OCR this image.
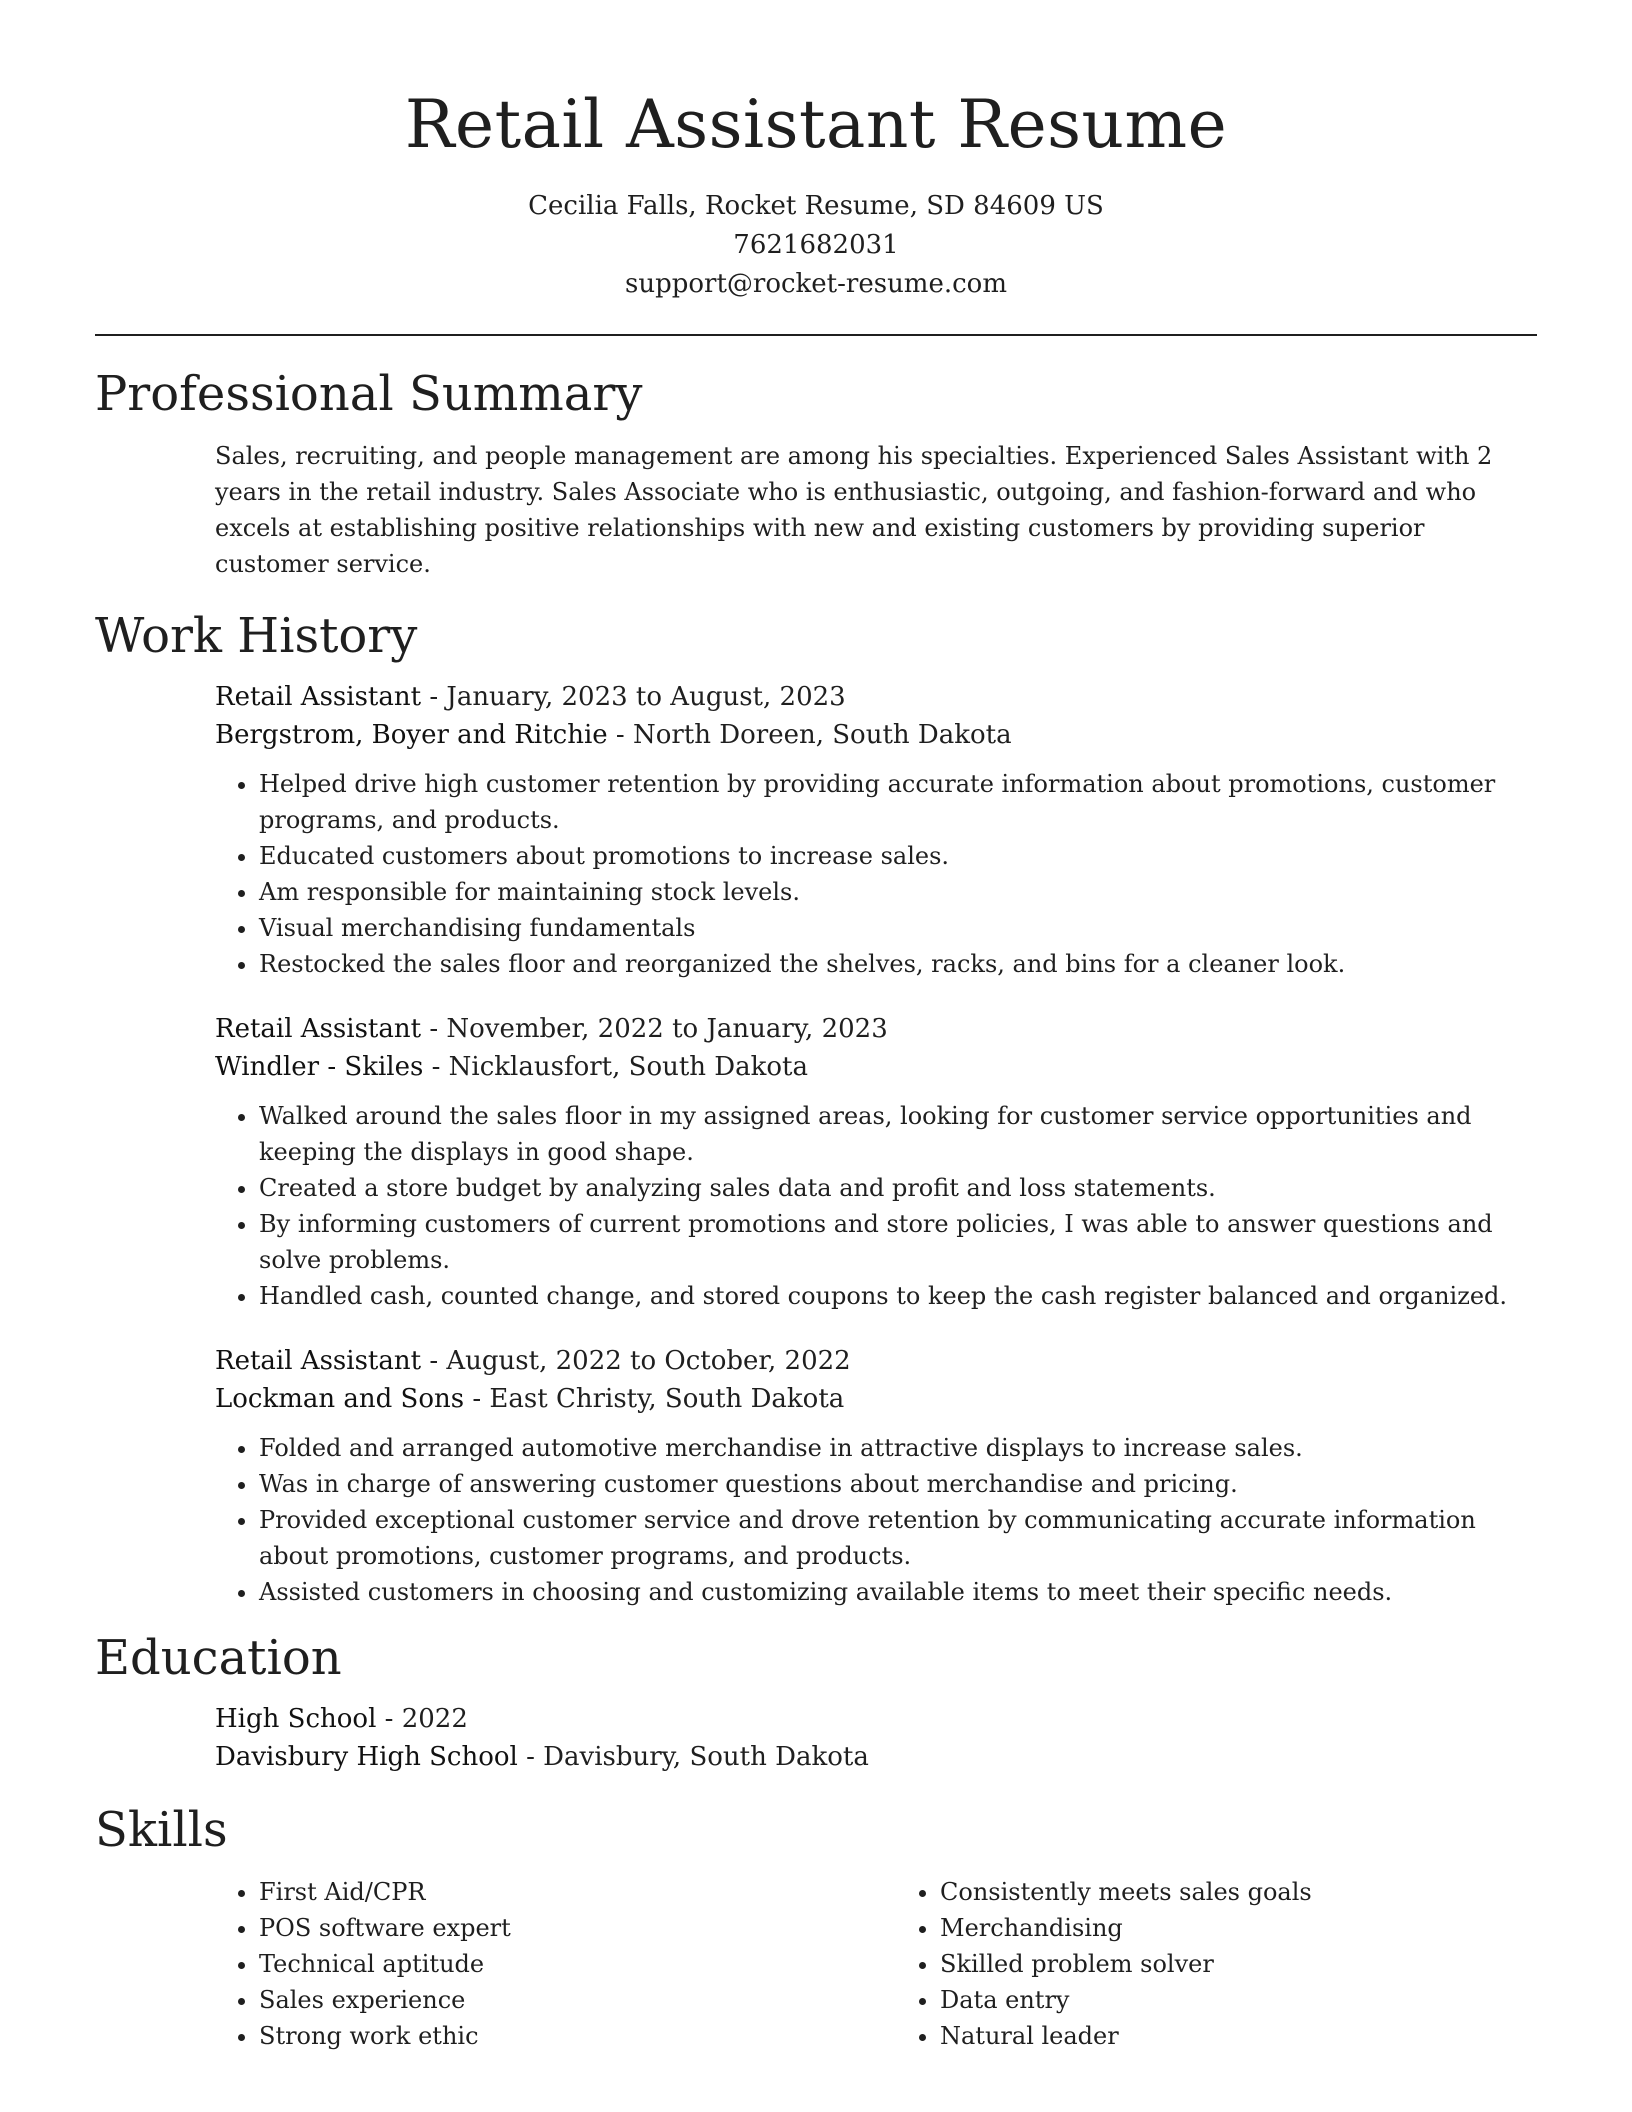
Retail Assistant Resume
Cecilia Falls, Rocket Resume, SD 84609 US
7621682031
support@rocket-resume.com
Professional Summary

Sales, recruiting, and people management are among his specialties. Experienced Sales Assistant with 2 years in the retail industry. Sales Associate who is enthusiastic, outgoing, and fashion-forward and who excels at establishing positive relationships with new and existing customers by providing superior customer service.

Work History
Retail Assistant - January, 2023 to August, 2023
Bergstrom, Boyer and Ritchie - North Doreen, South Dakota
• Helped drive high customer retention by providing accurate information about promotions, customer programs, and products.
• Educated customers about promotions to increase sales.
• Am responsible for maintaining stock levels.
• Visual merchandising fundamentals
• Restocked the sales floor and reorganized the shelves, racks, and bins for a cleaner look.
Retail Assistant - November, 2022 to January, 2023
Windler - Skiles - Nicklausfort, South Dakota
• Walked around the sales floor in my assigned areas, looking for customer service opportunities and keeping the displays in good shape.
• Created a store budget by analyzing sales data and profit and loss statements.
• By informing customers of current promotions and store policies, I was able to answer questions and solve problems.
• Handled cash, counted change, and stored coupons to keep the cash register balanced and organized.
Retail Assistant - August, 2022 to October, 2022
Lockman and Sons - East Christy, South Dakota
• Folded and arranged automotive merchandise in attractive displays to increase sales.
• Was in charge of answering customer questions about merchandise and pricing.
• Provided exceptional customer service and drove retention by communicating accurate information about promotions, customer programs, and products.
• Assisted customers in choosing and customizing available items to meet their specific needs.
Education
High School - 2022
Davisbury High School - Davisbury, South Dakota
Skills
• First Aid/CPR
• POS software expert
• Technical aptitude
• Sales experience
• Strong work ethic
• Consistently meets sales goals
• Merchandising
• Skilled problem solver
• Data entry
• Natural leader
